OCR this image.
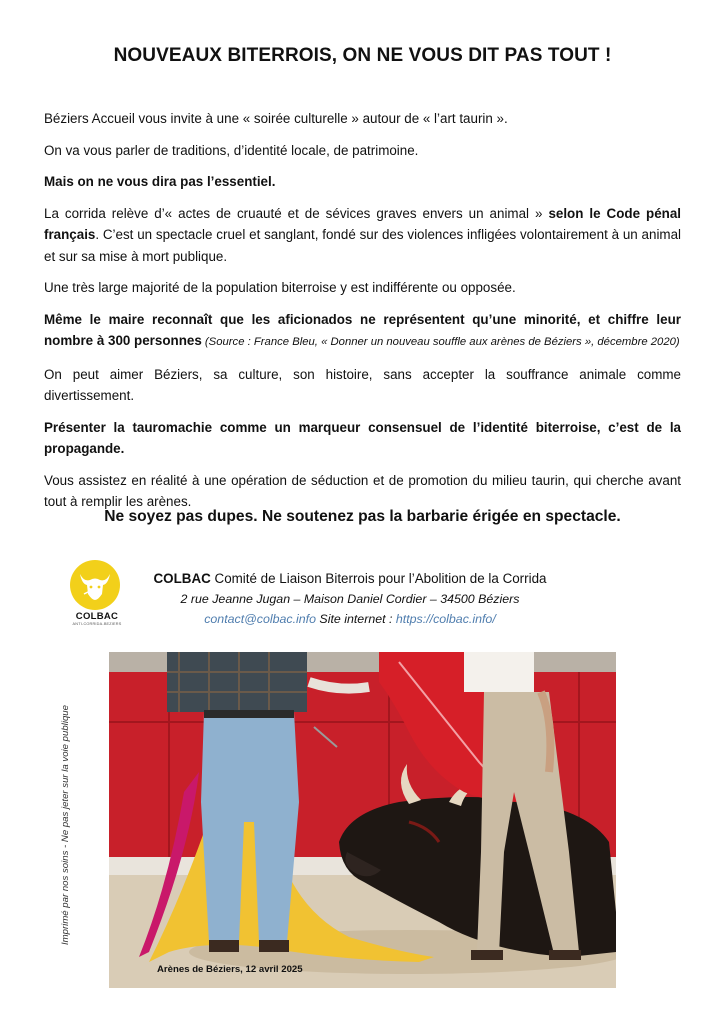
NOUVEAUX BITERROIS, ON NE VOUS DIT PAS TOUT !

Béziers Accueil vous invite à une « soirée culturelle » autour de « l’art taurin ».

On va vous parler de traditions, d’identité locale, de patrimoine.

Mais on ne vous dira pas l’essentiel.

La corrida relève d’« actes de cruauté et de sévices graves envers un animal » selon le Code pénal français. C’est un spectacle cruel et sanglant, fondé sur des violences infligées volontairement à un animal et sur sa mise à mort publique.

Une très large majorité de la population biterroise y est indifférente ou opposée.

Même le maire reconnaît que les aficionados ne représentent qu’une minorité, et chiffre leur nombre à 300 personnes (Source : France Bleu, « Donner un nouveau souffle aux arènes de Béziers », décembre 2020)

On peut aimer Béziers, sa culture, son histoire, sans accepter la souffrance animale comme divertissement.

Présenter la tauromachie comme un marqueur consensuel de l’identité biterroise, c’est de la propagande.

Vous assistez en réalité à une opération de séduction et de promotion du milieu taurin, qui cherche avant tout à remplir les arènes.

Ne soyez pas dupes. Ne soutenez pas la barbarie érigée en spectacle.
COLBAC
ANTI-CORRIDA-BEZIERS
COLBAC Comité de Liaison Biterrois pour l’Abolition de la Corrida
2 rue Jeanne Jugan – Maison Daniel Cordier – 34500 Béziers
contact@colbac.info Site internet : https://colbac.info/
Imprimé par nos soins - Ne pas jeter sur la voie publique
Arènes de Béziers, 12 avril 2025
